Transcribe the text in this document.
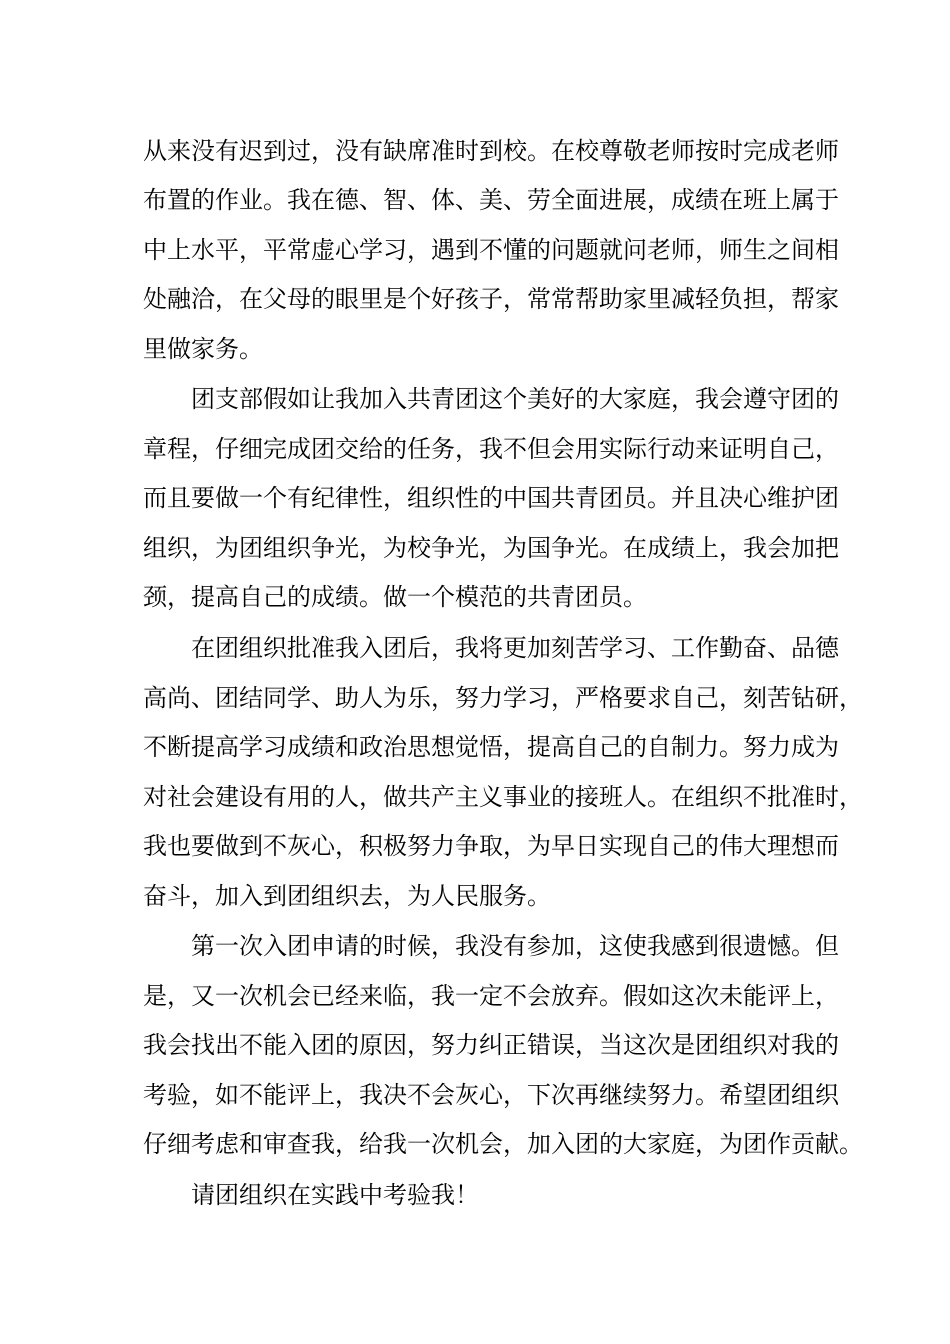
从来没有迟到过，没有缺席准时到校。在校尊敬老师按时完成老师
布置的作业。我在德、智、体、美、劳全面进展，成绩在班上属于
中上水平，平常虚心学习，遇到不懂的问题就问老师，师生之间相
处融洽，在父母的眼里是个好孩子，常常帮助家里减轻负担，帮家
里做家务。
团支部假如让我加入共青团这个美好的大家庭，我会遵守团的
章程，仔细完成团交给的任务，我不但会用实际行动来证明自己，
而且要做一个有纪律性，组织性的中国共青团员。并且决心维护团
组织，为团组织争光，为校争光，为国争光。在成绩上，我会加把
颈，提高自己的成绩。做一个模范的共青团员。
在团组织批准我入团后，我将更加刻苦学习、工作勤奋、品德
高尚、团结同学、助人为乐，努力学习，严格要求自己，刻苦钻研，
不断提高学习成绩和政治思想觉悟，提高自己的自制力。努力成为
对社会建设有用的人，做共产主义事业的接班人。在组织不批准时，
我也要做到不灰心，积极努力争取，为早日实现自己的伟大理想而
奋斗，加入到团组织去，为人民服务。
第一次入团申请的时候，我没有参加，这使我感到很遗憾。但
是，又一次机会已经来临，我一定不会放弃。假如这次未能评上，
我会找出不能入团的原因，努力纠正错误，当这次是团组织对我的
考验，如不能评上，我决不会灰心，下次再继续努力。希望团组织
仔细考虑和审查我，给我一次机会，加入团的大家庭，为团作贡献。
请团组织在实践中考验我！
